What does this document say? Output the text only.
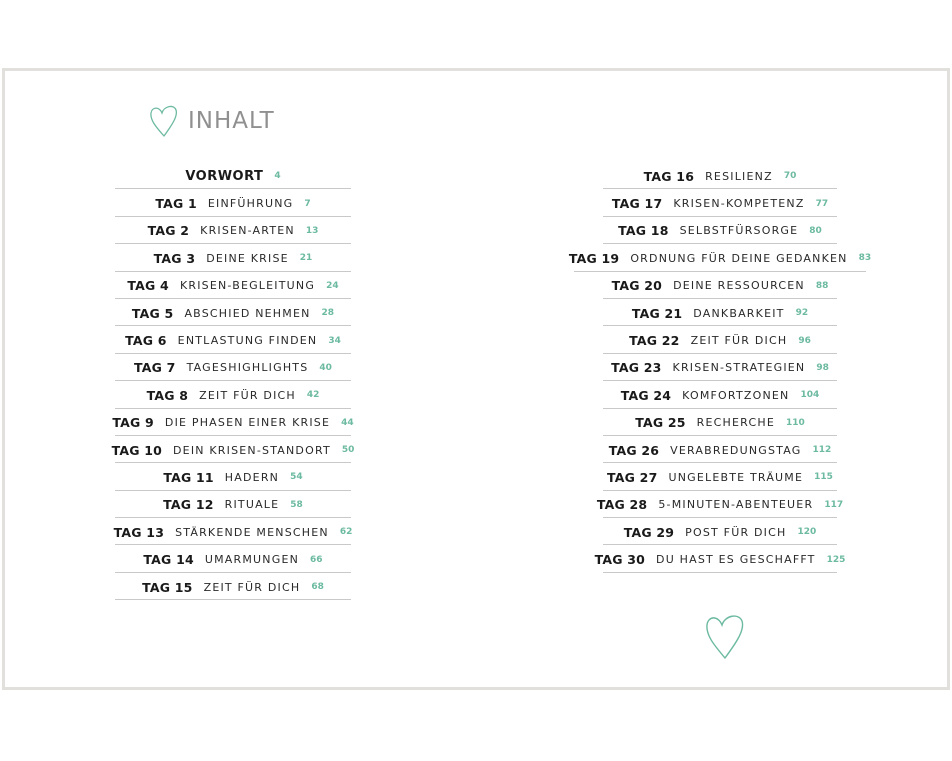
INHALT
VORWORT 4
TAG 1 EINFÜHRUNG 7
TAG 2 KRISEN-ARTEN 13
TAG 3 DEINE KRISE 21
TAG 4 KRISEN-BEGLEITUNG 24
TAG 5 ABSCHIED NEHMEN 28
TAG 6 ENTLASTUNG FINDEN 34
TAG 7 TAGESHIGHLIGHTS 40
TAG 8 ZEIT FÜR DICH 42
TAG 9 DIE PHASEN EINER KRISE 44
TAG 10 DEIN KRISEN-STANDORT 50
TAG 11 HADERN 54
TAG 12 RITUALE 58
TAG 13 STÄRKENDE MENSCHEN 62
TAG 14 UMARMUNGEN 66
TAG 15 ZEIT FÜR DICH 68
TAG 16 RESILIENZ 70
TAG 17 KRISEN-KOMPETENZ 77
TAG 18 SELBSTFÜRSORGE 80
TAG 19 ORDNUNG FÜR DEINE GEDANKEN 83
TAG 20 DEINE RESSOURCEN 88
TAG 21 DANKBARKEIT 92
TAG 22 ZEIT FÜR DICH 96
TAG 23 KRISEN-STRATEGIEN 98
TAG 24 KOMFORTZONEN 104
TAG 25 RECHERCHE 110
TAG 26 VERABREDUNGSTAG 112
TAG 27 UNGELEBTE TRÄUME 115
TAG 28 5-MINUTEN-ABENTEUER 117
TAG 29 POST FÜR DICH 120
TAG 30 DU HAST ES GESCHAFFT 125
